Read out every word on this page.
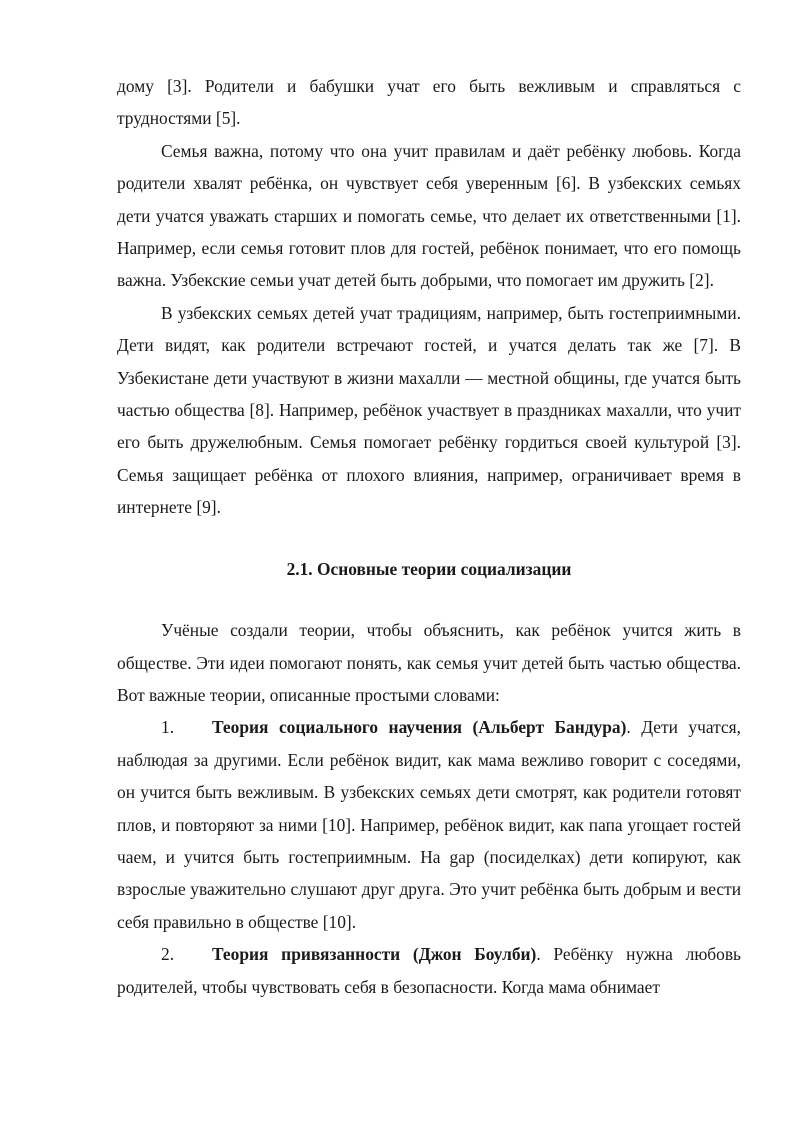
дому [3]. Родители и бабушки учат его быть вежливым и справляться с трудностями [5].

Семья важна, потому что она учит правилам и даёт ребёнку любовь. Когда родители хвалят ребёнка, он чувствует себя уверенным [6]. В узбекских семьях дети учатся уважать старших и помогать семье, что делает их ответственными [1]. Например, если семья готовит плов для гостей, ребёнок понимает, что его помощь важна. Узбекские семьи учат детей быть добрыми, что помогает им дружить [2].

В узбекских семьях детей учат традициям, например, быть гостеприимными. Дети видят, как родители встречают гостей, и учатся делать так же [7]. В Узбекистане дети участвуют в жизни махалли — местной общины, где учатся быть частью общества [8]. Например, ребёнок участвует в праздниках махалли, что учит его быть дружелюбным. Семья помогает ребёнку гордиться своей культурой [3]. Семья защищает ребёнка от плохого влияния, например, ограничивает время в интернете [9].

2.1. Основные теории социализации

Учёные создали теории, чтобы объяснить, как ребёнок учится жить в обществе. Эти идеи помогают понять, как семья учит детей быть частью общества. Вот важные теории, описанные простыми словами:

1. Теория социального научения (Альберт Бандура). Дети учатся, наблюдая за другими. Если ребёнок видит, как мама вежливо говорит с соседями, он учится быть вежливым. В узбекских семьях дети смотрят, как родители готовят плов, и повторяют за ними [10]. Например, ребёнок видит, как папа угощает гостей чаем, и учится быть гостеприимным. На gap (посиделках) дети копируют, как взрослые уважительно слушают друг друга. Это учит ребёнка быть добрым и вести себя правильно в обществе [10].

2. Теория привязанности (Джон Боулби). Ребёнку нужна любовь родителей, чтобы чувствовать себя в безопасности. Когда мама обнимает
